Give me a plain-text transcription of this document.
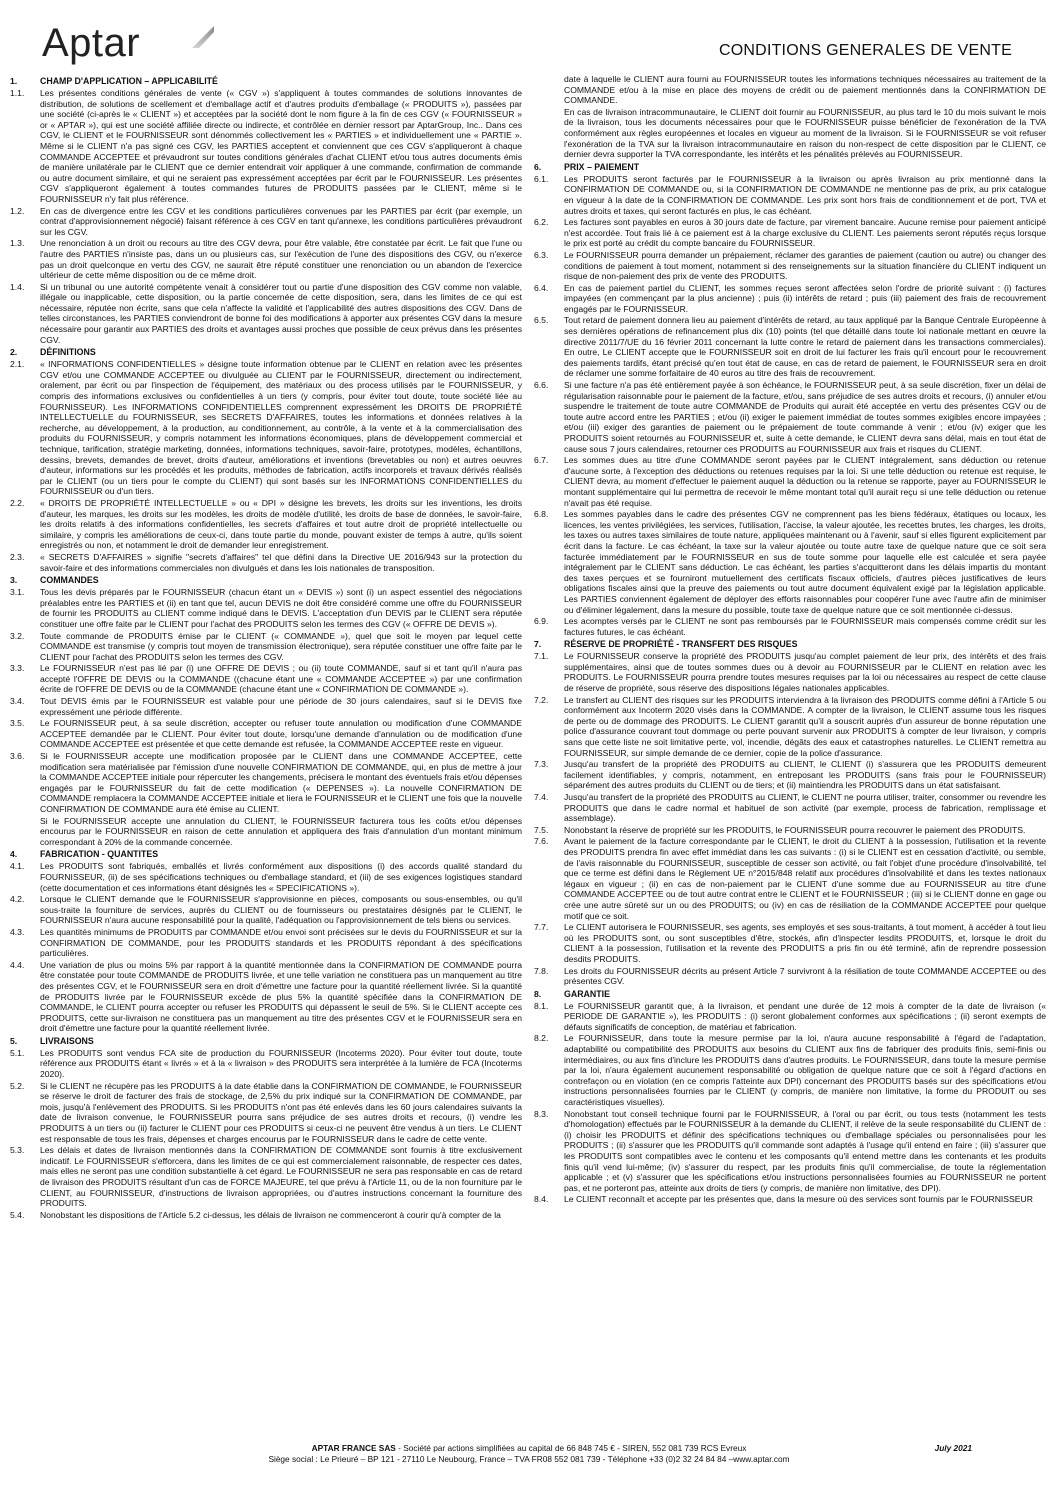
Aptar	CONDITIONS GENERALES DE VENTE
1.	CHAMP D'APPLICATION – APPLICABILITÉ
1.1.	Les présentes conditions générales de vente (« CGV ») s'appliquent à toutes commandes de solutions innovantes de distribution, de solutions de scellement et d'emballage actif et d'autres produits d'emballage (« PRODUITS »), passées par une société (ci-après le « CLIENT ») et acceptées par la société dont le nom figure à la fin de ces CGV (« FOURNISSEUR » or « APTAR »), qui est une société affiliée directe ou indirecte, et contrôlée en dernier ressort par AptarGroup, Inc.. Dans ces CGV, le CLIENT et le FOURNISSEUR sont dénommés collectivement les « PARTIES » et individuellement une « PARTIE ». Même si le CLIENT n'a pas signé ces CGV, les PARTIES acceptent et conviennent que ces CGV s'appliqueront à chaque COMMANDE ACCEPTEE et prévaudront sur toutes conditions générales d'achat CLIENT et/ou tous autres documents émis de manière unilatérale par le CLIENT que ce dernier entendrait voir appliquer à une commande, confirmation de commande ou autre document similaire, et qui ne seraient pas expressément acceptées par écrit par le FOURNISSEUR. Les présentes CGV s'appliqueront également à toutes commandes futures de PRODUITS passées par le CLIENT, même si le FOURNISSEUR n'y fait plus référence.
1.2.	En cas de divergence entre les CGV et les conditions particulières convenues par les PARTIES par écrit (par exemple, un contrat d'approvisionnement négocié) faisant référence à ces CGV en tant qu'annexe, les conditions particulières prévaudront sur les CGV.
1.3.	Une renonciation à un droit ou recours au titre des CGV devra, pour être valable, être constatée par écrit. Le fait que l'une ou l'autre des PARTIES n'insiste pas, dans un ou plusieurs cas, sur l'exécution de l'une des dispositions des CGV, ou n'exerce pas un droit quelconque en vertu des CGV, ne saurait être réputé constituer une renonciation ou un abandon de l'exercice ultérieur de cette même disposition ou de ce même droit.
1.4.	Si un tribunal ou une autorité compétente venait à considérer tout ou partie d'une disposition des CGV comme non valable, illégale ou inapplicable, cette disposition, ou la partie concernée de cette disposition, sera, dans les limites de ce qui est nécessaire, réputée non écrite, sans que cela n'affecte la validité et l'applicabilité des autres dispositions des CGV. Dans de telles circonstances, les PARTIES conviendront de bonne foi des modifications à apporter aux présentes CGV dans la mesure nécessaire pour garantir aux PARTIES des droits et avantages aussi proches que possible de ceux prévus dans les présentes CGV.
2.	DÉFINITIONS
2.1.	« INFORMATIONS CONFIDENTIELLES » désigne toute information obtenue par le CLIENT en relation avec les présentes CGV et/ou une COMMANDE ACCEPTEE ou divulguée au CLIENT par le FOURNISSEUR, directement ou indirectement, oralement, par écrit ou par l'inspection de l'équipement, des matériaux ou des process utilisés par le FOURNISSEUR, y compris des informations exclusives ou confidentielles à un tiers (y compris, pour éviter tout doute, toute société liée au FOURNISSEUR). Les INFORMATIONS CONFIDENTIELLES comprennent expressément les DROITS DE PROPRIÉTÉ INTELLECTUELLE du FOURNISSEUR, ses SECRETS D'AFFAIRES, toutes les informations et données relatives à la recherche, au développement, à la production, au conditionnement, au contrôle, à la vente et à la commercialisation des produits du FOURNISSEUR, y compris notamment les informations économiques, plans de développement commercial et technique, tarification, stratégie marketing, données, informations techniques, savoir-faire, prototypes, modèles, échantillons, dessins, brevets, demandes de brevet, droits d'auteur, améliorations et inventions (brevetables ou non) et autres oeuvres d'auteur, informations sur les procédés et les produits, méthodes de fabrication, actifs incorporels et travaux dérivés réalisés par le CLIENT (ou un tiers pour le compte du CLIENT) qui sont basés sur les INFORMATIONS CONFIDENTIELLES du FOURNISSEUR ou d'un tiers.
2.2.	« DROITS DE PROPRIÉTÉ INTELLECTUELLE » ou « DPI » désigne les brevets, les droits sur les inventions, les droits d'auteur, les marques, les droits sur les modèles, les droits de modèle d'utilité, les droits de base de données, le savoir-faire, les droits relatifs à des informations confidentielles, les secrets d'affaires et tout autre droit de propriété intellectuelle ou similaire, y compris les améliorations de ceux-ci, dans toute partie du monde, pouvant exister de temps à autre, qu'ils soient enregistrés ou non, et notamment le droit de demander leur enregistrement.
2.3.	« SECRETS D'AFFAIRES » signifie "secrets d'affaires" tel que défini dans la Directive UE 2016/943 sur la protection du savoir-faire et des informations commerciales non divulgués et dans les lois nationales de transposition.
3.	COMMANDES
3.1.	Tous les devis préparés par le FOURNISSEUR (chacun étant un « DEVIS ») sont (i) un aspect essentiel des négociations préalables entre les PARTIES et (ii) en tant que tel, aucun DEVIS ne doit être considéré comme une offre du FOURNISSEUR de fournir les PRODUITS au CLIENT comme indiqué dans le DEVIS. L'acceptation d'un DEVIS par le CLIENT sera réputée constituer une offre faite par le CLIENT pour l'achat des PRODUITS selon les termes des CGV (« OFFRE DE DEVIS »).
3.2.	Toute commande de PRODUITS émise par le CLIENT (« COMMANDE »), quel que soit le moyen par lequel cette COMMANDE est transmise (y compris tout moyen de transmission électronique), sera réputée constituer une offre faite par le CLIENT pour l'achat des PRODUITS selon les termes des CGV.
3.3.	Le FOURNISSEUR n'est pas lié par (i) une OFFRE DE DEVIS ; ou (ii) toute COMMANDE, sauf si et tant qu'il n'aura pas accepté l'OFFRE DE DEVIS ou la COMMANDE ((chacune étant une « COMMANDE ACCEPTEE ») par une confirmation écrite de l'OFFRE DE DEVIS ou de la COMMANDE (chacune étant une « CONFIRMATION DE COMMANDE »).
3.4.	Tout DEVIS émis par le FOURNISSEUR est valable pour une période de 30 jours calendaires, sauf si le DEVIS fixe expressément une période différente.
3.5.	Le FOURNISSEUR peut, à sa seule discrétion, accepter ou refuser toute annulation ou modification d'une COMMANDE ACCEPTEE demandée par le CLIENT. Pour éviter tout doute, lorsqu'une demande d'annulation ou de modification d'une COMMANDE ACCEPTEE est présentée et que cette demande est refusée, la COMMANDE ACCEPTEE reste en vigueur.
3.6.	Si le FOURNISSEUR accepte une modification proposée par le CLIENT dans une COMMANDE ACCEPTEE, cette modification sera matérialisée par l'émission d'une nouvelle CONFIRMATION DE COMMANDE, qui, en plus de mettre à jour la COMMANDE ACCEPTEE initiale pour répercuter les changements, précisera le montant des éventuels frais et/ou dépenses engagés par le FOURNISSEUR du fait de cette modification (« DEPENSES »). La nouvelle CONFIRMATION DE COMMANDE remplacera la COMMANDE ACCEPTEE initiale et liera le FOURNISSEUR et le CLIENT une fois que la nouvelle CONFIRMATION DE COMMANDE aura été émise au CLIENT.
Si le FOURNISSEUR accepte une annulation du CLIENT, le FOURNISSEUR facturera tous les coûts et/ou dépenses encourus par le FOURNISSEUR en raison de cette annulation et appliquera des frais d'annulation d'un montant minimum correspondant à 20% de la commande concernée.
4.	FABRICATION - QUANTITES
4.1.	Les PRODUITS sont fabriqués, emballés et livrés conformément aux dispositions (i) des accords qualité standard du FOURNISSEUR, (ii) de ses spécifications techniques ou d'emballage standard, et (iii) de ses exigences logistiques standard (cette documentation et ces informations étant désignés les « SPECIFICATIONS »).
4.2.	Lorsque le CLIENT demande que le FOURNISSEUR s'approvisionne en pièces, composants ou sous-ensembles, ou qu'il sous-traite la fourniture de services, auprès du CLIENT ou de fournisseurs ou prestataires désignés par le CLIENT, le FOURNISSEUR n'aura aucune responsabilité pour la qualité, l'adéquation ou l'approvisionnement de tels biens ou services.
4.3.	Les quantités minimums de PRODUITS par COMMANDE et/ou envoi sont précisées sur le devis du FOURNISSEUR et sur la CONFIRMATION DE COMMANDE, pour les PRODUITS standards et les PRODUITS répondant à des spécifications particulières.
4.4.	Une variation de plus ou moins 5% par rapport à la quantité mentionnée dans la CONFIRMATION DE COMMANDE pourra être constatée pour toute COMMANDE de PRODUITS livrée, et une telle variation ne constituera pas un manquement au titre des présentes CGV, et le FOURNISSEUR sera en droit d'émettre une facture pour la quantité réellement livrée. Si la quantité de PRODUITS livrée par le FOURNISSEUR excède de plus 5% la quantité spécifiée dans la CONFIRMATION DE COMMANDE, le CLIENT pourra accepter ou refuser les PRODUITS qui dépassent le seuil de 5%. Si le CLIENT accepte ces PRODUITS, cette sur-livraison ne constituera pas un manquement au titre des présentes CGV et le FOURNISSEUR sera en droit d'émettre une facture pour la quantité réellement livrée.
5.	LIVRAISONS
5.1.	Les PRODUITS sont vendus FCA site de production du FOURNISSEUR (Incoterms 2020). Pour éviter tout doute, toute référence aux PRODUITS étant « livrés » et à la « livraison » des PRODUITS sera interprétée à la lumière de FCA (Incoterms 2020).
5.2.	Si le CLIENT ne récupère pas les PRODUITS à la date établie dans la CONFIRMATION DE COMMANDE, le FOURNISSEUR se réserve le droit de facturer des frais de stockage, de 2,5% du prix indiqué sur la CONFIRMATION DE COMMANDE, par mois, jusqu'à l'enlèvement des PRODUITS. Si les PRODUITS n'ont pas été enlevés dans les 60 jours calendaires suivants la date de livraison convenue, le FOURNISSEUR pourra sans préjudice de ses autres droits et recours, (i) vendre les PRODUITS à un tiers ou (ii) facturer le CLIENT pour ces PRODUITS si ceux-ci ne peuvent être vendus à un tiers. Le CLIENT est responsable de tous les frais, dépenses et charges encourus par le FOURNISSEUR dans le cadre de cette vente.
5.3.	Les délais et dates de livraison mentionnés dans la CONFIRMATION DE COMMANDE sont fournis à titre exclusivement indicatif. Le FOURNISSEUR s'efforcera, dans les limites de ce qui est commercialement raisonnable, de respecter ces dates, mais elles ne seront pas une condition substantielle à cet égard. Le FOURNISSEUR ne sera pas responsable en cas de retard de livraison des PRODUITS résultant d'un cas de FORCE MAJEURE, tel que prévu à l'Article 11, ou de la non fourniture par le CLIENT, au FOURNISSEUR, d'instructions de livraison appropriées, ou d'autres instructions concernant la fourniture des PRODUITS.
5.4.	Nonobstant les dispositions de l'Article 5.2 ci-dessus, les délais de livraison ne commenceront à courir qu'à compter de la
date à laquelle le CLIENT aura fourni au FOURNISSEUR toutes les informations techniques nécessaires au traitement de la COMMANDE et/ou à la mise en place des moyens de crédit ou de paiement mentionnés dans la CONFIRMATION DE COMMANDE.
En cas de livraison intracommunautaire, le CLIENT doit fournir au FOURNISSEUR, au plus tard le 10 du mois suivant le mois de la livraison, tous les documents nécessaires pour que le FOURNISSEUR puisse bénéficier de l'exonération de la TVA conformément aux règles européennes et locales en vigueur au moment de la livraison. Si le FOURNISSEUR se voit refuser l'exonération de la TVA sur la livraison intracommunautaire en raison du non-respect de cette disposition par le CLIENT, ce dernier devra supporter la TVA correspondante, les intérêts et les pénalités prélevés au FOURNISSEUR.
6.	PRIX – PAIEMENT
6.1.	Les PRODUITS seront facturés par le FOURNISSEUR à la livraison ou après livraison au prix mentionné dans la CONFIRMATION DE COMMANDE ou, si la CONFIRMATION DE COMMANDE ne mentionne pas de prix, au prix catalogue en vigueur à la date de la CONFIRMATION DE COMMANDE. Les prix sont hors frais de conditionnement et de port, TVA et autres droits et taxes, qui seront facturés en plus, le cas échéant.
6.2.	Les factures sont payables en euros à 30 jours date de facture, par virement bancaire. Aucune remise pour paiement anticipé n'est accordée. Tout frais lié à ce paiement est à la charge exclusive du CLIENT. Les paiements seront réputés reçus lorsque le prix est porté au crédit du compte bancaire du FOURNISSEUR.
6.3.	Le FOURNISSEUR pourra demander un prépaiement, réclamer des garanties de paiement (caution ou autre) ou changer des conditions de paiement à tout moment, notamment si des renseignements sur la situation financière du CLIENT indiquent un risque de non-paiement des prix de vente des PRODUITS.
6.4.	En cas de paiement partiel du CLIENT, les sommes reçues seront affectées selon l'ordre de priorité suivant : (i) factures impayées (en commençant par la plus ancienne) ; puis (ii) intérêts de retard ; puis (iii) paiement des frais de recouvrement engagés par le FOURNISSEUR.
6.5.	Tout retard de paiement donnera lieu au paiement d'intérêts de retard, au taux appliqué par la Banque Centrale Européenne à ses dernières opérations de refinancement plus dix (10) points (tel que détaillé dans toute loi nationale mettant en œuvre la directive 2011/7/UE du 16 février 2011 concernant la lutte contre le retard de paiement dans les transactions commerciales). En outre, Le CLIENT accepte que le FOURNISSEUR soit en droit de lui facturer les frais qu'il encourt pour le recouvrement des paiements tardifs, étant précisé qu'en tout état de cause, en cas de retard de paiement, le FOURNISSEUR sera en droit de réclamer une somme forfaitaire de 40 euros au titre des frais de recouvrement.
6.6.	Si une facture n'a pas été entièrement payée à son échéance, le FOURNISSEUR peut, à sa seule discrétion, fixer un délai de régularisation raisonnable pour le paiement de la facture, et/ou, sans préjudice de ses autres droits et recours, (i) annuler et/ou suspendre le traitement de toute autre COMMANDE de Produits qui aurait été acceptée en vertu des présentes CGV ou de toute autre accord entre les PARTIES ; et/ou (ii) exiger le paiement immédiat de toutes sommes exigibles encore impayées ; et/ou (iii) exiger des garanties de paiement ou le prépaiement de toute commande à venir ; et/ou (iv) exiger que les PRODUITS soient retournés au FOURNISSEUR et, suite à cette demande, le CLIENT devra sans délai, mais en tout état de cause sous 7 jours calendaires, retourner ces PRODUITS au FOURNISSEUR aux frais et risques du CLIENT.
6.7.	Les sommes dues au titre d'une COMMANDE seront payées par le CLIENT intégralement, sans déduction ou retenue d'aucune sorte, à l'exception des déductions ou retenues requises par la loi. Si une telle déduction ou retenue est requise, le CLIENT devra, au moment d'effectuer le paiement auquel la déduction ou la retenue se rapporte, payer au FOURNISSEUR le montant supplémentaire qui lui permettra de recevoir le même montant total qu'il aurait reçu si une telle déduction ou retenue n'avait pas été requise.
6.8.	Les sommes payables dans le cadre des présentes CGV ne comprennent pas les biens fédéraux, étatiques ou locaux, les licences, les ventes privilégiées, les services, l'utilisation, l'accise, la valeur ajoutée, les recettes brutes, les charges, les droits, les taxes ou autres taxes similaires de toute nature, appliquées maintenant ou à l'avenir, sauf si elles figurent explicitement par écrit dans la facture. Le cas échéant, la taxe sur la valeur ajoutée ou toute autre taxe de quelque nature que ce soit sera facturée immédiatement par le FOURNISSEUR en sus de toute somme pour laquelle elle est calculée et sera payée intégralement par le CLIENT sans déduction. Le cas échéant, les parties s'acquitteront dans les délais impartis du montant des taxes perçues et se fourniront mutuellement des certificats fiscaux officiels, d'autres pièces justificatives de leurs obligations fiscales ainsi que la preuve des paiements ou tout autre document équivalent exigé par la législation applicable. Les PARTIES conviennent également de déployer des efforts raisonnables pour coopérer l'une avec l'autre afin de minimiser ou d'éliminer légalement, dans la mesure du possible, toute taxe de quelque nature que ce soit mentionnée ci-dessus.
6.9.	Les acomptes versés par le CLIENT ne sont pas remboursés par le FOURNISSEUR mais compensés comme crédit sur les factures futures, le cas échéant.
7.	RÉSERVE DE PROPRIÉTÉ - TRANSFERT DES RISQUES
7.1.	Le FOURNISSEUR conserve la propriété des PRODUITS jusqu'au complet paiement de leur prix, des intérêts et des frais supplémentaires, ainsi que de toutes sommes dues ou à devoir au FOURNISSEUR par le CLIENT en relation avec les PRODUITS. Le FOURNISSEUR pourra prendre toutes mesures requises par la loi ou nécessaires au respect de cette clause de réserve de propriété, sous réserve des dispositions légales nationales applicables.
7.2.	Le transfert au CLIENT des risques sur les PRODUITS interviendra à la livraison des PRODUITS comme défini à l'Article 5 ou conformément aux Incoterm 2020 visés dans la COMMANDE. A compter de la livraison, le CLIENT assume tous les risques de perte ou de dommage des PRODUITS. Le CLIENT garantit qu'il a souscrit auprès d'un assureur de bonne réputation une police d'assurance couvrant tout dommage ou perte pouvant survenir aux PRODUITS à compter de leur livraison, y compris sans que cette liste ne soit limitative perte, vol, incendie, dégâts des eaux et catastrophes naturelles. Le CLIENT remettra au FOURNISSEUR, sur simple demande de ce dernier, copie de la police d'assurance.
7.3.	Jusqu'au transfert de la propriété des PRODUITS au CLIENT, le CLIENT (i) s'assurera que les PRODUITS demeurent facilement identifiables, y compris, notamment, en entreposant les PRODUITS (sans frais pour le FOURNISSEUR) séparément des autres produits du CLIENT ou de tiers; et (ii) maintiendra les PRODUITS dans un état satisfaisant.
7.4.	Jusqu'au transfert de la propriété des PRODUITS au CLIENT, le CLIENT ne pourra utiliser, traiter, consommer ou revendre les PRODUITS que dans le cadre normal et habituel de son activité (par exemple, process de fabrication, remplissage et assemblage).
7.5.	Nonobstant la réserve de propriété sur les PRODUITS, le FOURNISSEUR pourra recouvrer le paiement des PRODUITS.
7.6.	Avant le paiement de la facture correspondante par le CLIENT, le droit du CLIENT à la possession, l'utilisation et la revente des PRODUITS prendra fin avec effet immédiat dans les cas suivants : (i) si le CLIENT est en cessation d'activité, ou semble, de l'avis raisonnable du FOURNISSEUR, susceptible de cesser son activité, ou fait l'objet d'une procédure d'insolvabilité, tel que ce terme est défini dans le Règlement UE n°2015/848 relatif aux procédures d'insolvabilité et dans les textes nationaux légaux en vigueur ; (ii) en cas de non-paiement par le CLIENT d'une somme due au FOURNISSEUR au titre d'une COMMANDE ACCEPTEE ou de tout autre contrat entre le CLIENT et le FOURNISSEUR ; (iii) si le CLIENT donne en gage ou crée une autre sûreté sur un ou des PRODUITS; ou (iv) en cas de résiliation de la COMMANDE ACCEPTEE pour quelque motif que ce soit.
7.7.	Le CLIENT autorisera le FOURNISSEUR, ses agents, ses employés et ses sous-traitants, à tout moment, à accéder à tout lieu où les PRODUITS sont, ou sont susceptibles d'être, stockés, afin d'inspecter lesdits PRODUITS, et, lorsque le droit du CLIENT à la possession, l'utilisation et la revente des PRODUITS a pris fin ou été terminé, afin de reprendre possession desdits PRODUITS.
7.8.	Les droits du FOURNISSEUR décrits au présent Article 7 survivront à la résiliation de toute COMMANDE ACCEPTEE ou des présentes CGV.
8.	GARANTIE
8.1.	Le FOURNISSEUR garantit que, à la livraison, et pendant une durée de 12 mois à compter de la date de livraison (« PERIODE DE GARANTIE »), les PRODUITS : (i) seront globalement conformes aux spécifications ; (ii) seront exempts de défauts significatifs de conception, de matériau et fabrication.
8.2.	Le FOURNISSEUR, dans toute la mesure permise par la loi, n'aura aucune responsabilité à l'égard de l'adaptation, adaptabilité ou compatibilité des PRODUITS aux besoins du CLIENT aux fins de fabriquer des produits finis, semi-finis ou intermédiaires, ou aux fins d'inclure les PRODUITS dans d'autres produits. Le FOURNISSEUR, dans toute la mesure permise par la loi, n'aura également aucunement responsabilité ou obligation de quelque nature que ce soit à l'égard d'actions en contrefaçon ou en violation (en ce compris l'atteinte aux DPI) concernant des PRODUITS basés sur des spécifications et/ou instructions personnalisées fournies par le CLIENT (y compris, de manière non limitative, la forme du PRODUIT ou ses caractéristiques visuelles).
8.3.	Nonobstant tout conseil technique fourni par le FOURNISSEUR, à l'oral ou par écrit, ou tous tests (notamment les tests d'homologation) effectués par le FOURNISSEUR à la demande du CLIENT, il relève de la seule responsabilité du CLIENT de : (i) choisir les PRODUITS et définir des spécifications techniques ou d'emballage spéciales ou personnalisées pour les PRODUITS ; (ii) s'assurer que les PRODUITS qu'il commande sont adaptés à l'usage qu'il entend en faire ; (iii) s'assurer que les PRODUITS sont compatibles avec le contenu et les composants qu'il entend mettre dans les contenants et les produits finis qu'il vend lui-même; (iv) s'assurer du respect, par les produits finis qu'il commercialise, de toute la réglementation applicable ; et (v) s'assurer que les spécifications et/ou instructions personnalisées fournies au FOURNISSEUR ne portent pas, et ne porteront pas, atteinte aux droits de tiers (y compris, de manière non limitative, des DPI).
8.4.	Le CLIENT reconnaît et accepte par les présentes que, dans la mesure où des services sont fournis par le FOURNISSEUR
APTAR FRANCE SAS - Société par actions simplifiées au capital de 66 848 745 € - SIREN, 552 081 739 RCS Evreux
Siège social : Le Prieuré – BP 121 - 27110 Le Neubourg, France – TVA FR08 552 081 739 - Téléphone +33 (0)2 32 24 84 84 –www.aptar.com
July 2021
